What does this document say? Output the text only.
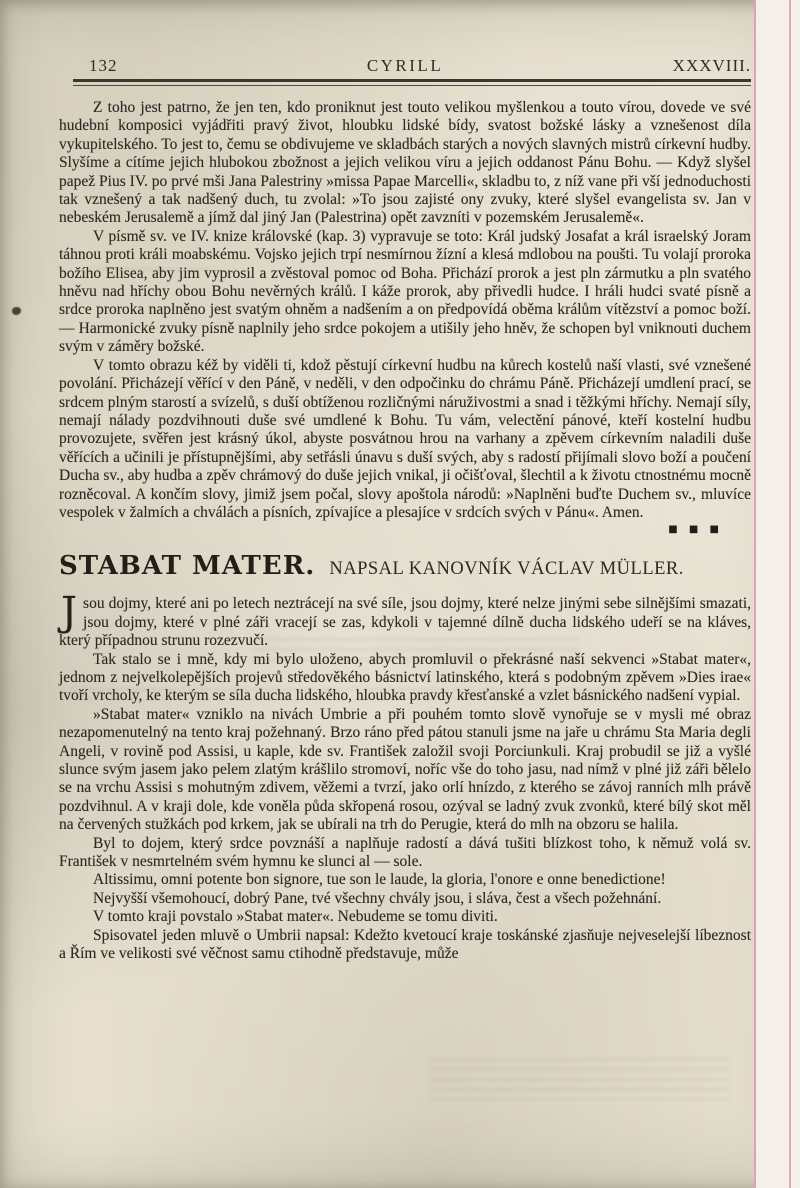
132	CYRILL	XXXVIII.

Z toho jest patrno, že jen ten, kdo proniknut jest touto velikou myšlenkou a touto vírou, dovede ve své hudební komposici vyjádřiti pravý život, hloubku lidské bídy, svatost božské lásky a vznešenost díla vykupitelského. To jest to, čemu se obdivujeme ve skladbách starých a nových slavných mistrů církevní hudby. Slyšíme a cítíme jejich hlubokou zbožnost a jejich velikou víru a jejich oddanost Pánu Bohu. — Když slyšel papež Pius IV. po prvé mši Jana Palestriny »missa Papae Marcelli«, skladbu to, z níž vane při vší jednoduchosti tak vznešený a tak nadšený duch, tu zvolal: »To jsou zajisté ony zvuky, které slyšel evangelista sv. Jan v nebeském Jerusalemě a jímž dal jiný Jan (Palestrina) opět zavzníti v pozemském Jerusalemě«.

V písmě sv. ve IV. knize královské (kap. 3) vypravuje se toto: Král judský Josafat a král israelský Joram táhnou proti králi moabskému. Vojsko jejich trpí nesmírnou žízní a klesá mdlobou na poušti. Tu volají proroka božího Elisea, aby jim vyprosil a zvěstoval pomoc od Boha. Přichází prorok a jest pln zármutku a pln svatého hněvu nad hříchy obou Bohu nevěrných králů. I káže prorok, aby přivedli hudce. I hráli hudci svaté písně a srdce proroka naplněno jest svatým ohněm a nadšením a on předpovídá oběma králům vítězství a pomoc boží. — Harmonické zvuky písně naplnily jeho srdce pokojem a utišily jeho hněv, že schopen byl vniknouti duchem svým v záměry božské.

V tomto obrazu kéž by viděli ti, kdož pěstují církevní hudbu na kůrech kostelů naší vlasti, své vznešené povolání. Přicházejí věřící v den Páně, v neděli, v den odpočinku do chrámu Páně. Přicházejí umdlení prací, se srdcem plným starostí a svízelů, s duší obtíženou rozličnými náruživostmi a snad i těžkými hříchy. Nemají síly, nemají nálady pozdvihnouti duše své umdlené k Bohu. Tu vám, velectění pánové, kteří kostelní hudbu provozujete, svěřen jest krásný úkol, abyste posvátnou hrou na varhany a zpěvem církevním naladili duše věřících a učinili je přístupnějšími, aby setřásli únavu s duší svých, aby s radostí přijímali slovo boží a poučení Ducha sv., aby hudba a zpěv chrámový do duše jejich vnikal, ji očišťoval, šlechtil a k životu ctnostnému mocně rozněcoval. A končím slovy, jimiž jsem počal, slovy apoštola národů: »Naplněni buďte Duchem sv., mluvíce vespolek v žalmích a chválách a písních, zpívajíce a plesajíce v srdcích svých v Pánu«. Amen.

■ ■ ■
STABAT MATER. NAPSAL KANOVNÍK VÁCLAV MÜLLER.

Jsou dojmy, které ani po letech neztrácejí na své síle, jsou dojmy, které nelze jinými sebe silnějšími smazati, jsou dojmy, které v plné záři vracejí se zas, kdykoli v tajemné dílně ducha lidského udeří se na kláves, který případnou strunu rozezvučí.

Tak stalo se i mně, kdy mi bylo uloženo, abych promluvil o překrásné naší sekvenci »Stabat mater«, jednom z nejvelkolepějších projevů středověkého básnictví latinského, která s podobným zpěvem »Dies irae« tvoří vrcholy, ke kterým se síla ducha lidského, hloubka pravdy křesťanské a vzlet básnického nadšení vypial.

»Stabat mater« vzniklo na nivách Umbrie a při pouhém tomto slově vynořuje se v mysli mé obraz nezapomenutelný na tento kraj požehnaný. Brzo ráno před pátou stanuli jsme na jaře u chrámu Sta Maria degli Angeli, v rovině pod Assisi, u kaple, kde sv. František založil svoji Porciunkuli. Kraj probudil se již a vyšlé slunce svým jasem jako pelem zlatým krášlilo stromoví, noříc vše do toho jasu, nad nímž v plné již záři bělelo se na vrchu Assisi s mohutným zdivem, věžemi a tvrzí, jako orlí hnízdo, z kterého se závoj ranních mlh právě pozdvihnul. A v kraji dole, kde voněla půda skřopená rosou, ozýval se ladný zvuk zvonků, které bílý skot měl na červených stužkách pod krkem, jak se ubírali na trh do Perugie, která do mlh na obzoru se halila.

Byl to dojem, který srdce povznáší a naplňuje radostí a dává tušiti blízkost toho, k němuž volá sv. František v nesmrtelném svém hymnu ke slunci al — sole.

Altissimu, omni potente bon signore, tue son le laude, la gloria, l'onore e onne benedictione!

Nejvyšší všemohoucí, dobrý Pane, tvé všechny chvály jsou, i sláva, čest a všech požehnání.

V tomto kraji povstalo »Stabat mater«. Nebudeme se tomu diviti.

Spisovatel jeden mluvě o Umbrii napsal: Kdežto kvetoucí kraje toskánské zjasňuje nejveselejší líbeznost a Řím ve velikosti své věčnost samu ctihodně představuje, může
